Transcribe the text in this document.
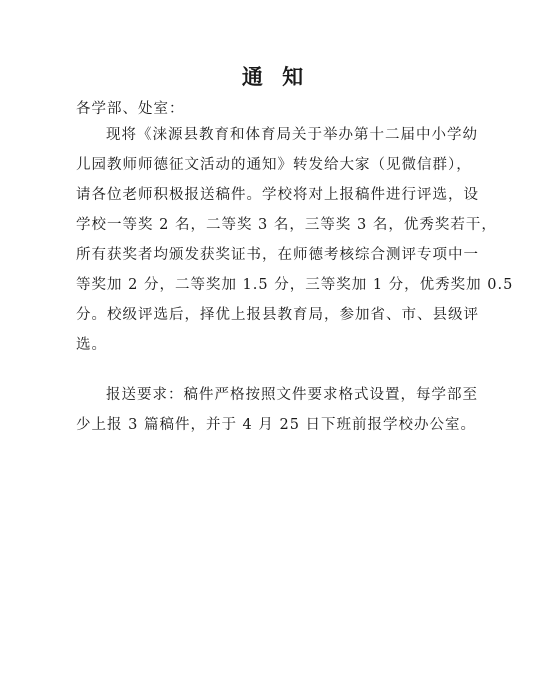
通 知
各学部、处室：
现将《涞源县教育和体育局关于举办第十二届中小学幼
儿园教师师德征文活动的通知》转发给大家（见微信群），
请各位老师积极报送稿件。学校将对上报稿件进行评选，设
学校一等奖 2 名，二等奖 3 名，三等奖 3 名，优秀奖若干，
所有获奖者均颁发获奖证书，在师德考核综合测评专项中一
等奖加 2 分，二等奖加 1.5 分，三等奖加 1 分，优秀奖加 0.5
分。校级评选后，择优上报县教育局，参加省、市、县级评
选。
报送要求：稿件严格按照文件要求格式设置，每学部至
少上报 3 篇稿件，并于 4 月 25 日下班前报学校办公室。
